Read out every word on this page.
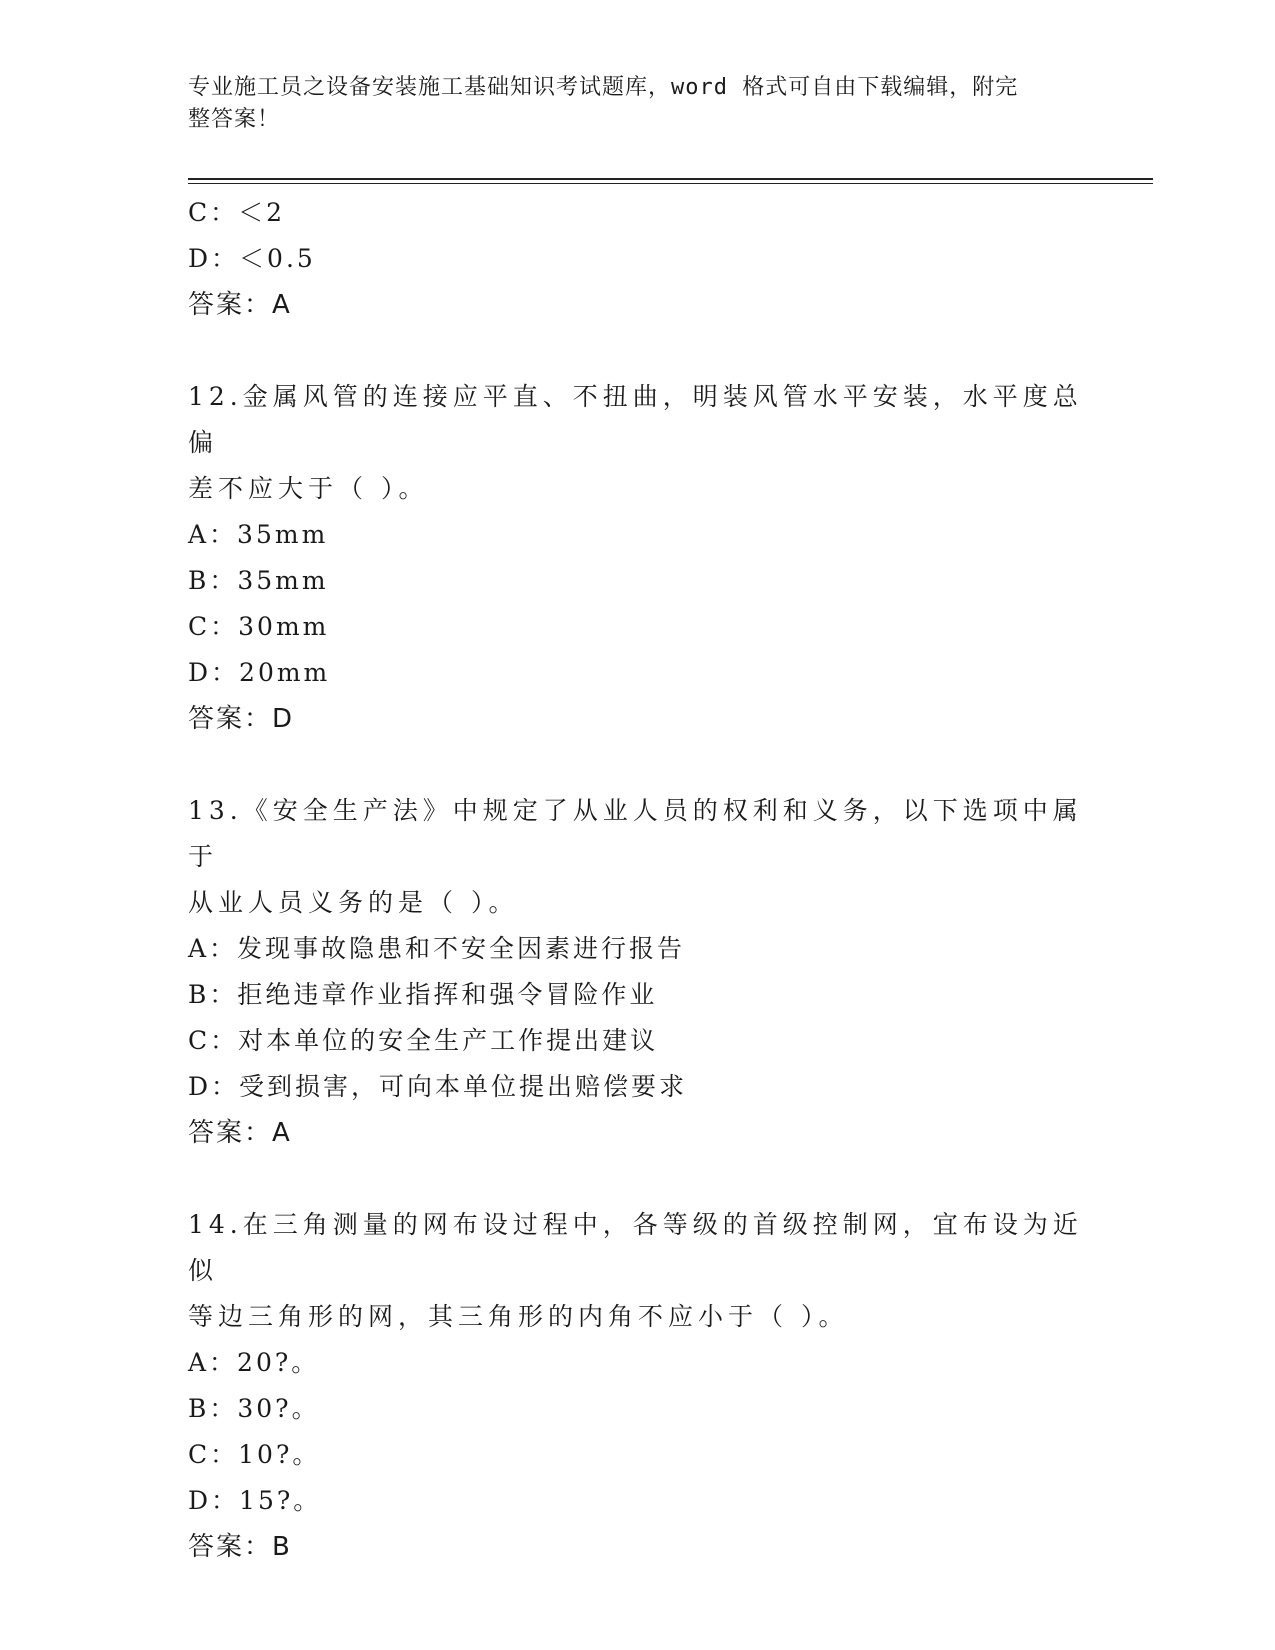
专业施工员之设备安装施工基础知识考试题库，word 格式可自由下载编辑，附完
整答案！
C：＜2
D：＜0.5
答案：A
12.金属风管的连接应平直、不扭曲，明装风管水平安装，水平度总偏
差不应大于（ ）。
A：35mm
B：35mm
C：30mm
D：20mm
答案：D
13.《安全生产法》中规定了从业人员的权利和义务，以下选项中属于
从业人员义务的是（ ）。
A：发现事故隐患和不安全因素进行报告
B：拒绝违章作业指挥和强令冒险作业
C：对本单位的安全生产工作提出建议
D：受到损害，可向本单位提出赔偿要求
答案：A
14.在三角测量的网布设过程中，各等级的首级控制网，宜布设为近似
等边三角形的网，其三角形的内角不应小于（ ）。
A：20?。
B：30?。
C：10?。
D：15?。
答案：B
